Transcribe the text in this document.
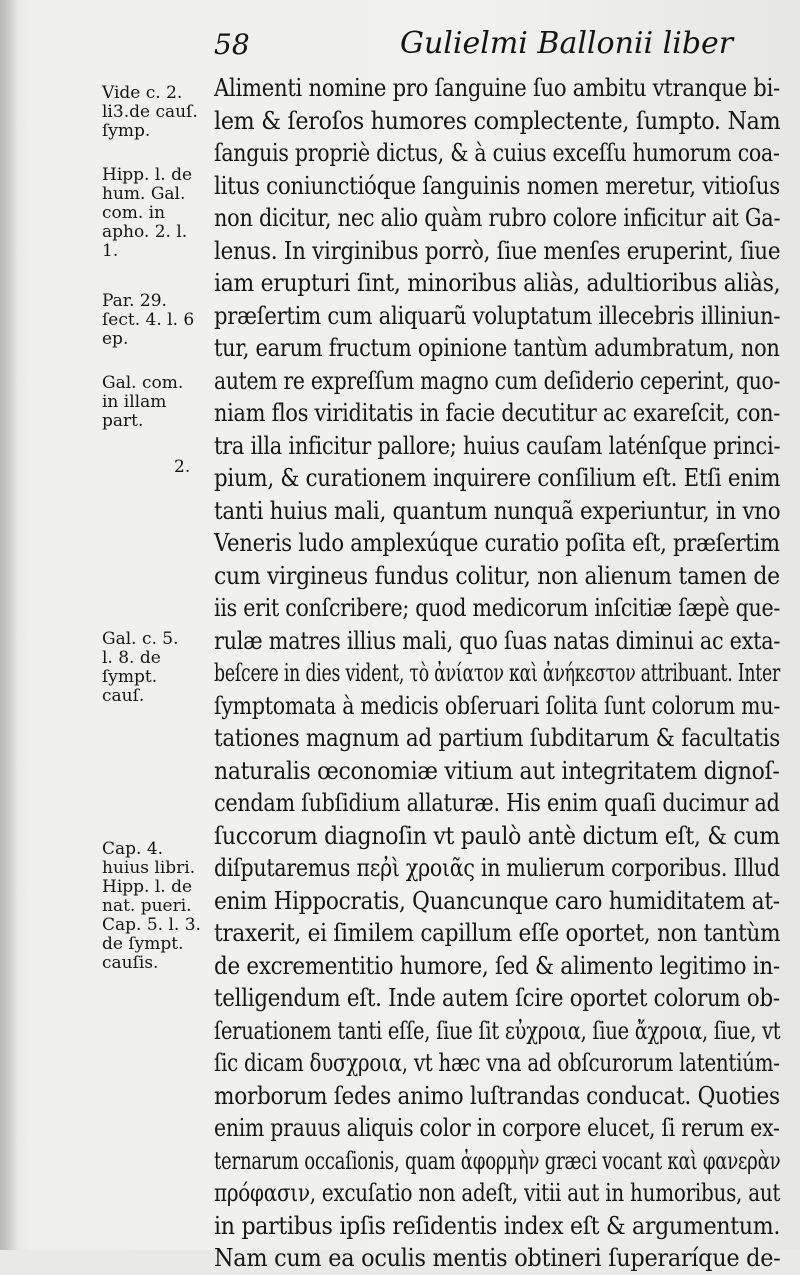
58	Gulielmi Ballonii liber
Vide c. 2.
li3.de cauſ.
ſymp.
Hipp. l. de
hum. Gal.
com. in
apho. 2. l.
1.
Par. 29.
ſect. 4. l. 6
ep.
Gal. com.
in illam
part.
2.
Gal. c. 5.
l. 8. de
ſympt.
cauſ.
Cap. 4.
huius libri.
Hipp. l. de
nat. pueri.
Cap. 5. l. 3.
de ſympt.
cauſis.
Alimenti nomine pro ſanguine ſuo ambitu vtranque bi-
lem & ſeroſos humores complectente, ſumpto. Nam
ſanguis propriè dictus, & à cuius exceſſu humorum coa-
litus coniunctióque ſanguinis nomen meretur, vitioſus
non dicitur, nec alio quàm rubro colore inficitur ait Ga-
lenus. In virginibus porrò, ſiue menſes eruperint, ſiue
iam erupturi ſint, minoribus aliàs, adultioribus aliàs,
præſertim cum aliquarũ voluptatum illecebris illiniun-
tur, earum fructum opinione tantùm adumbratum, non
autem re expreſſum magno cum deſiderio ceperint, quo-
niam flos viriditatis in facie decutitur ac exareſcit, con-
tra illa inficitur pallore; huius cauſam laténſque princi-
pium, & curationem inquirere conſilium eſt. Etſi enim
tanti huius mali, quantum nunquã experiuntur, in vno
Veneris ludo amplexúque curatio poſita eſt, præſertim
cum virgineus fundus colitur, non alienum tamen de
iis erit conſcribere; quod medicorum inſcitiæ ſæpè que-
rulæ matres illius mali, quo ſuas natas diminui ac exta-
beſcere in dies vident, τὸ ἀνίατον καὶ ἀνήκεστον attribuant. Inter
ſymptomata à medicis obſeruari ſolita ſunt colorum mu-
tationes magnum ad partium ſubditarum & facultatis
naturalis œconomiæ vitium aut integritatem dignoſ-
cendam ſubſidium allaturæ. His enim quaſi ducimur ad
ſuccorum diagnoſin vt paulò antè dictum eſt, & cum
diſputaremus πεῤὶ χροιᾶς in mulierum corporibus. Illud
enim Hippocratis, Quancunque caro humiditatem at-
traxerit, ei ſimilem capillum eſſe oportet, non tantùm
de excrementitio humore, ſed & alimento legitimo in-
telligendum eſt. Inde autem ſcire oportet colorum ob-
ſeruationem tanti eſſe, ſiue ſit εὐχροια, ſiue ἄχροια, ſiue, vt
ſic dicam δυσχροια, vt hæc vna ad obſcurorum latentiúm-
morborum ſedes animo luſtrandas conducat. Quoties
enim prauus aliquis color in corpore elucet, ſi rerum ex-
ternarum occaſionis, quam ἀφορμὴν græci vocant καὶ φανερὰν
πρόφασιν, excuſatio non adeſt, vitii aut in humoribus, aut
in partibus ipſis reſidentis index eſt & argumentum.
Nam cum ea oculis mentis obtineri ſuperaríque de-
